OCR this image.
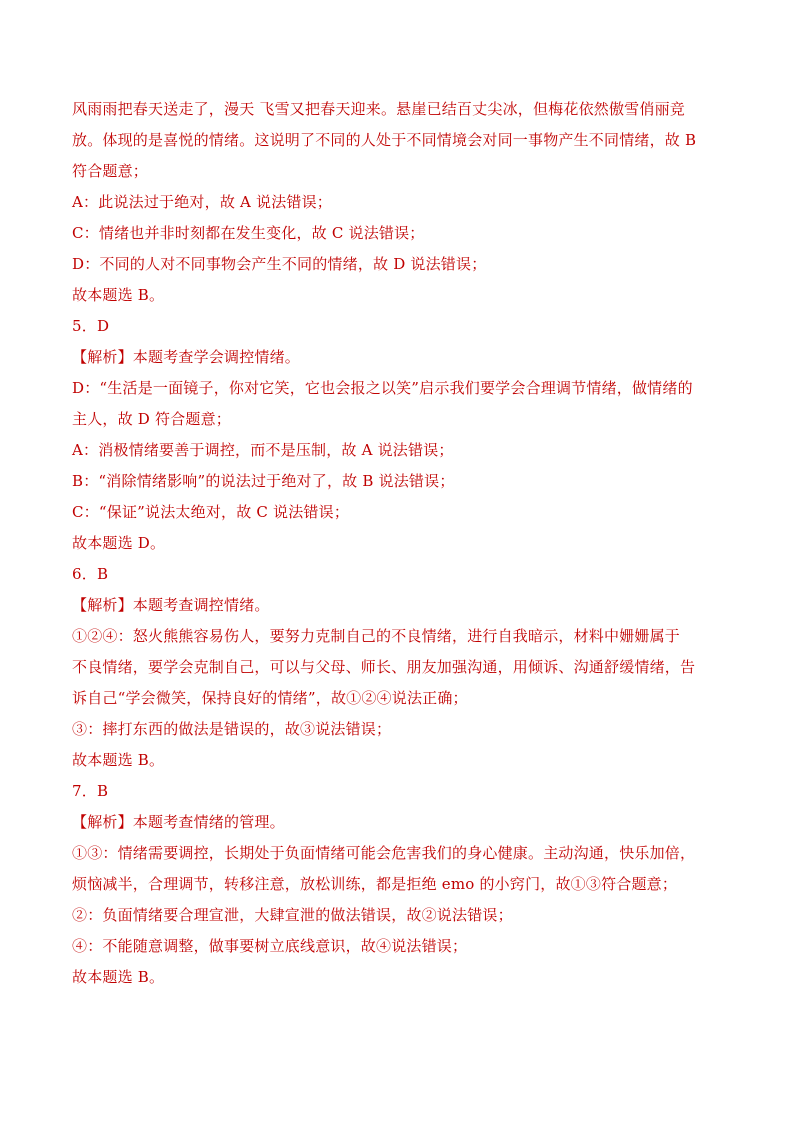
风雨雨把春天送走了，漫天 飞雪又把春天迎来。悬崖已结百丈尖冰，但梅花依然傲雪俏丽竞
放。体现的是喜悦的情绪。这说明了不同的人处于不同情境会对同一事物产生不同情绪，故 B
符合题意；
A：此说法过于绝对，故 A 说法错误；
C：情绪也并非时刻都在发生变化，故 C 说法错误；
D：不同的人对不同事物会产生不同的情绪，故 D 说法错误；
故本题选 B。
5．D
【解析】本题考查学会调控情绪。
D：“生活是一面镜子，你对它笑，它也会报之以笑”启示我们要学会合理调节情绪，做情绪的
主人，故 D 符合题意；
A：消极情绪要善于调控，而不是压制，故 A 说法错误；
B：“消除情绪影响”的说法过于绝对了，故 B 说法错误；
C：“保证”说法太绝对，故 C 说法错误；
故本题选 D。
6．B
【解析】本题考查调控情绪。
①②④：怒火熊熊容易伤人，要努力克制自己的不良情绪，进行自我暗示，材料中姗姗属于
不良情绪，要学会克制自己，可以与父母、师长、朋友加强沟通，用倾诉、沟通舒缓情绪，告
诉自己“学会微笑，保持良好的情绪”，故①②④说法正确；
③：摔打东西的做法是错误的，故③说法错误；
故本题选 B。
7．B
【解析】本题考查情绪的管理。
①③：情绪需要调控，长期处于负面情绪可能会危害我们的身心健康。主动沟通，快乐加倍，
烦恼减半，合理调节，转移注意，放松训练，都是拒绝 emo 的小窍门，故①③符合题意；
②：负面情绪要合理宣泄，大肆宣泄的做法错误，故②说法错误；
④：不能随意调整，做事要树立底线意识，故④说法错误；
故本题选 B。
